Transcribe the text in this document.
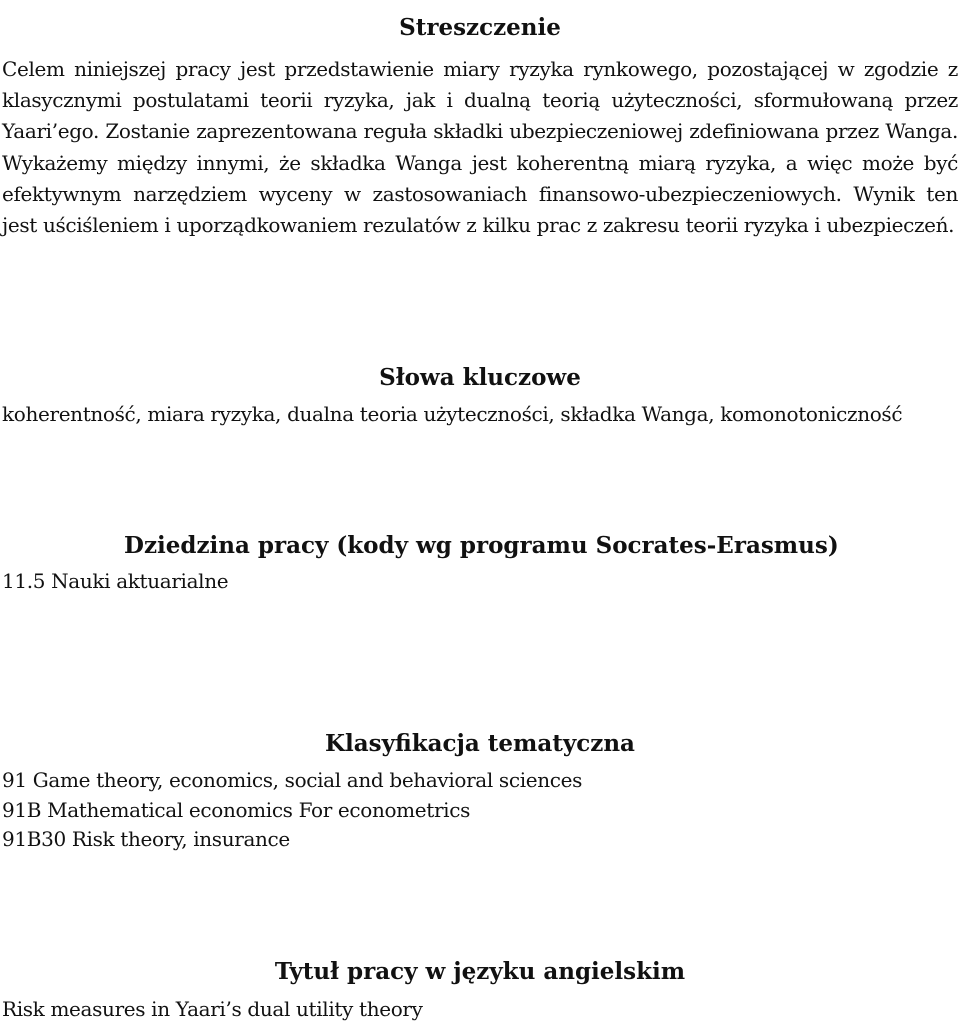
Streszczenie

Celem niniejszej pracy jest przedstawienie miary ryzyka rynkowego, pozostającej w zgodzie z klasycznymi postulatami teorii ryzyka, jak i dualną teorią użyteczności, sformułowaną przez Yaari’ego. Zostanie zaprezentowana reguła składki ubezpieczeniowej zdefiniowana przez Wanga. Wykażemy między innymi, że składka Wanga jest koherentną miarą ryzyka, a więc może być efektywnym narzędziem wyceny w zastosowaniach finansowo-ubezpieczeniowych. Wynik ten jest uściśleniem i uporządkowaniem rezulatów z kilku prac z zakresu teorii ryzyka i ubezpieczeń.

Słowa kluczowe

koherentność, miara ryzyka, dualna teoria użyteczności, składka Wanga, komonotoniczność

Dziedzina pracy (kody wg programu Socrates-Erasmus)

11.5 Nauki aktuarialne

Klasyfikacja tematyczna
91 Game theory, economics, social and behavioral sciences
91B Mathematical economics For econometrics
91B30 Risk theory, insurance
Tytuł pracy w języku angielskim

Risk measures in Yaari’s dual utility theory
